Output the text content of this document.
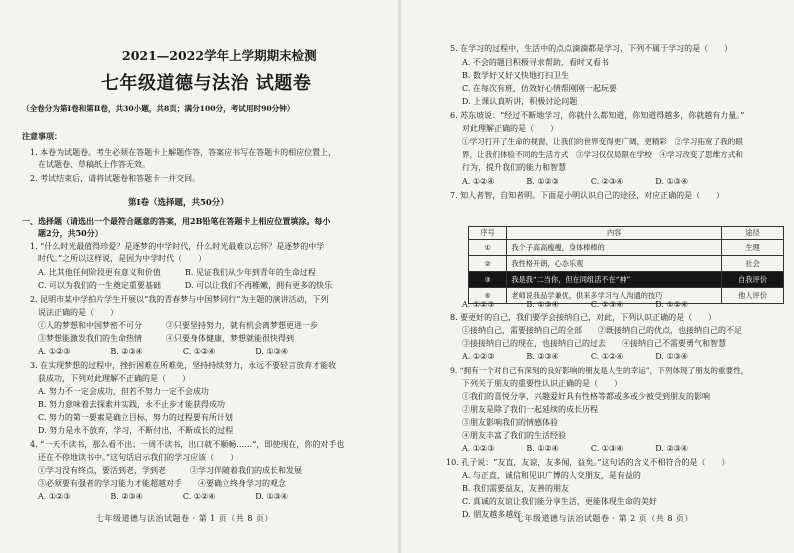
2021—2022学年上学期期末检测
七年级道德与法治 试题卷
（全卷分为第Ⅰ卷和第Ⅱ卷，共30小题，共8页；满分100分，考试用时90分钟）
注意事项：
1. 本卷为试题卷。考生必须在答题卡上解题作答，答案应书写在答题卡的相应位置上，
在试题卷、草稿纸上作答无效。
2. 考试结束后，请将试题卷和答题卡一并交回。
第Ⅰ卷（选择题，共50分）
一、选择题（请选出一个最符合题意的答案，用2B铅笔在答题卡上相应位置填涂。每小
题2分，共50分）
1. “什么时光最值得珍爱？是逐梦的中学时代，什么时光最难以忘怀？是逐梦的中学
时代。”之所以这样说，是因为中学时代（　　）
A. 比其他任何阶段更有意义和价值　　　B. 见证我们从少年到青年的生命过程
C. 可以为我们的一生奠定重要基础　　　D. 可以让我们不再稚嫩，拥有更多的快乐
2. 昆明市某中学拍片学生开展以“我的青春梦与中国梦同行”为主题的演讲活动，下列
说法正确的是（　　）
①人的梦想和中国梦密不可分　　　②只要坚持努力，就有机会离梦想更进一步
③梦想能激发我们的生命热情　　　④只要身体健康，梦想就能很快得到
A. ①②③　　　　　B. ②③④　　　　　C. ①②④　　　　　D. ①③④
3. 在实现梦想的过程中，挫折困难在所难免，坚持持续努力，永远不要轻言放弃才能收
获成功，下列对此理解不正确的是（　　）
A. 努力不一定会成功，但若不努力一定不会成功
B. 努力意味着去探索并实践，永不止步才能获得成功
C. 努力的第一要素是确立目标，努力的过程要有所计划
D. 努力是永不放弃，学习，不断付出，不断成长的过程
4. “一天不读书，那么看不出；一周不读书，出口就不顺畅……”，即使现在，你的对手也
还在不停地读书中。”这句话启示我们的学习应该（　　）
①学习没有终点，要活到老，学到老　　　②学习伴随着我们的成长和发展
③必须要有强者的学习能力才能超越对手　　④要确立终身学习的观念
A. ①②③　　　　　B. ②③④　　　　　C. ①②④　　　　　D. ①③④
七年级道德与法治试题卷 · 第 1 页（共 8 页）
5. 在学习的过程中，生活中的点点滴滴都是学习，下列不属于学习的是（　　）
A. 不会的题目积极寻求帮助，看时又看书
B. 数学好又好又快地打扫卫生
C. 在每次有班，仿效好心情帮刚刚一起玩要
D. 上课认真听讲，积极讨论问题
6. 苏东坡说：“经过不断地学习，你就什么都知道，你知道得越多，你就越有力量。”
对此理解正确的是（　　）
①学习打开了生命的视窗，让我们的世界变得更广阔，更精彩　②学习拓宽了我的眼
界，让我们体验不同的生活方式　③学习仅仅局限在学校　④学习改变了思维方式和
行为，提升我们的能力和智慧
A. ①②④　　　　B. ①②③　　　　C. ②③④　　　　D. ①③④
7. 知人者智，自知者明。下面是小明认识自己的途径，对应正确的是（　　）
七年级道德与法治试题卷 · 第 2 页（共 8 页）
序号	内容	途径
①	我个子高高瘦瘦，身体棒棒的	生理
②	我性格开朗，心态乐观	社会
③	我是我“二当你，但在同组活不在“神”	自我评价
④	老师说我品学兼优，供来多学习与人沟通的技巧	他人评价
A. ①②③　　　　B. ①③④　　　　C. ②③④　　　　D. ①②④
8. 要更好的自己，我们要学会接纳自己，对此，下列认识正确的是（　　）
①接纳自己，需要接纳自己的全部　　②既接纳自己的优点，也接纳自己的不足
③接接纳自己的现在，也接纳自己的过去　　④接纳自己不需要勇气和智慧
A. ①②③　　　　B. ②③④　　　　C. ①②④　　　　D. ①③④
9. “拥有一个对自己有深刻的良好影响的朋友是人生的幸运”，下列体现了朋友的重要性，
下列关于朋友的重要性认识正确的是（　　）
①我们的喜悦分享，兴趣爱好具有性格等都或多或少被受到朋友的影响
②朋友是除了我们一起延续的成长历程
③朋友影响我们的情感体验
④朋友丰富了我们的生活经验
A. ①②③　　　　B. ①②④　　　　C. ①③④　　　　D. ②③④
10. 孔子说：“友直，友谅，友多闻，益矣。”这句话的含义不相符合的是（　　）
A. 与正直、诚信和见识广博的人交朋友，是有益的
B. 我们需要益友，友善的朋友
C. 真诚的友谊让我们能分享生活，更能体现生命的美好
D. 朋友越多越好
